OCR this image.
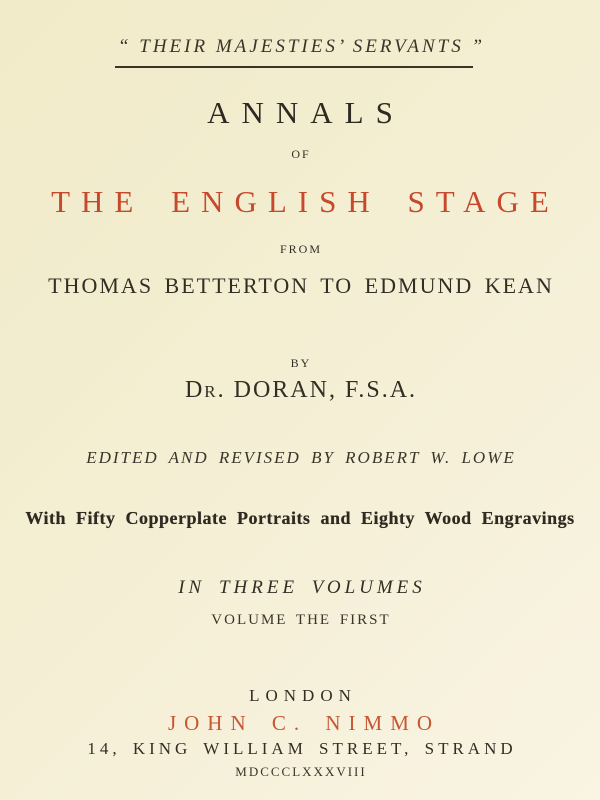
“ THEIR MAJESTIES’ SERVANTS ”
ANNALS
OF
THE ENGLISH STAGE
FROM
THOMAS BETTERTON TO EDMUND KEAN
BY
Dr. DORAN, F.S.A.
EDITED AND REVISED BY ROBERT W. LOWE
With Fifty Copperplate Portraits and Eighty Wood Engravings
IN THREE VOLUMES
VOLUME THE FIRST
LONDON
JOHN C. NIMMO
14, KING WILLIAM STREET, STRAND
MDCCCLXXXVIII
